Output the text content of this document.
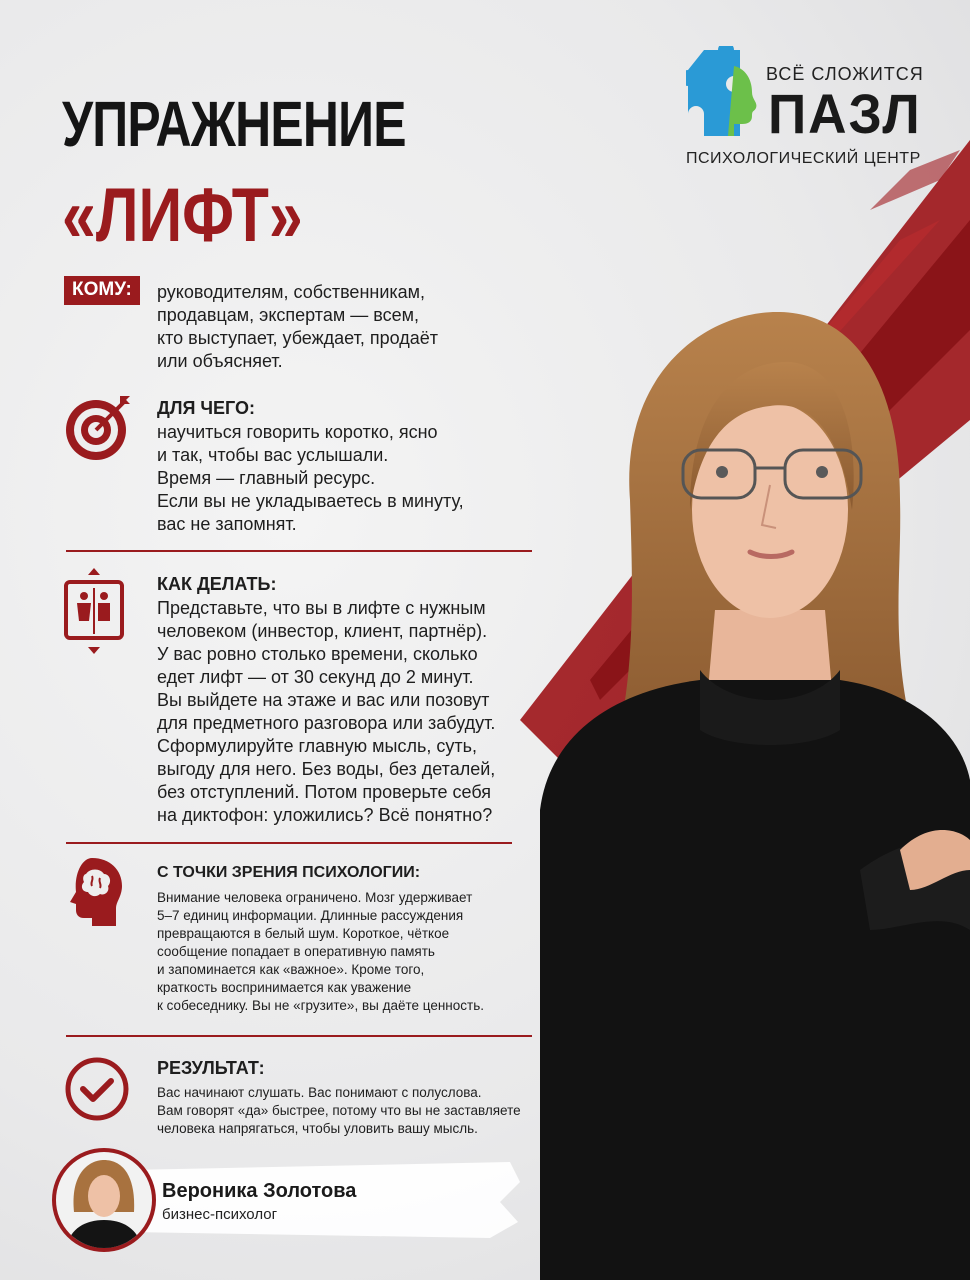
УПРАЖНЕНИЕ
«ЛИФТ»
ВСЁ СЛОЖИТСЯ
ПАЗЛ
ПСИХОЛОГИЧЕСКИЙ ЦЕНТР
КОМУ:	руководителям, собственникам,
продавцам, экспертам — всем,
кто выступает, убеждает, продаёт
или объясняет.
ДЛЯ ЧЕГО:
научиться говорить коротко, ясно
и так, чтобы вас услышали.
Время — главный ресурс.
Если вы не укладываетесь в минуту,
вас не запомнят.
КАК ДЕЛАТЬ:
Представьте, что вы в лифте с нужным
человеком (инвестор, клиент, партнёр).
У вас ровно столько времени, сколько
едет лифт — от 30 секунд до 2 минут.
Вы выйдете на этаже и вас или позовут
для предметного разговора или забудут.
Сформулируйте главную мысль, суть,
выгоду для него. Без воды, без деталей,
без отступлений. Потом проверьте себя
на диктофон: уложились? Всё понятно?
С ТОЧКИ ЗРЕНИЯ ПСИХОЛОГИИ:
Внимание человека ограничено. Мозг удерживает
5–7 единиц информации. Длинные рассуждения
превращаются в белый шум. Короткое, чёткое
сообщение попадает в оперативную память
и запоминается как «важное». Кроме того,
краткость воспринимается как уважение
к собеседнику. Вы не «грузите», вы даёте ценность.
РЕЗУЛЬТАТ:
Вас начинают слушать. Вас понимают с полуслова.
Вам говорят «да» быстрее, потому что вы не заставляете
человека напрягаться, чтобы уловить вашу мысль.
Вероника Золотова
бизнес-психолог
